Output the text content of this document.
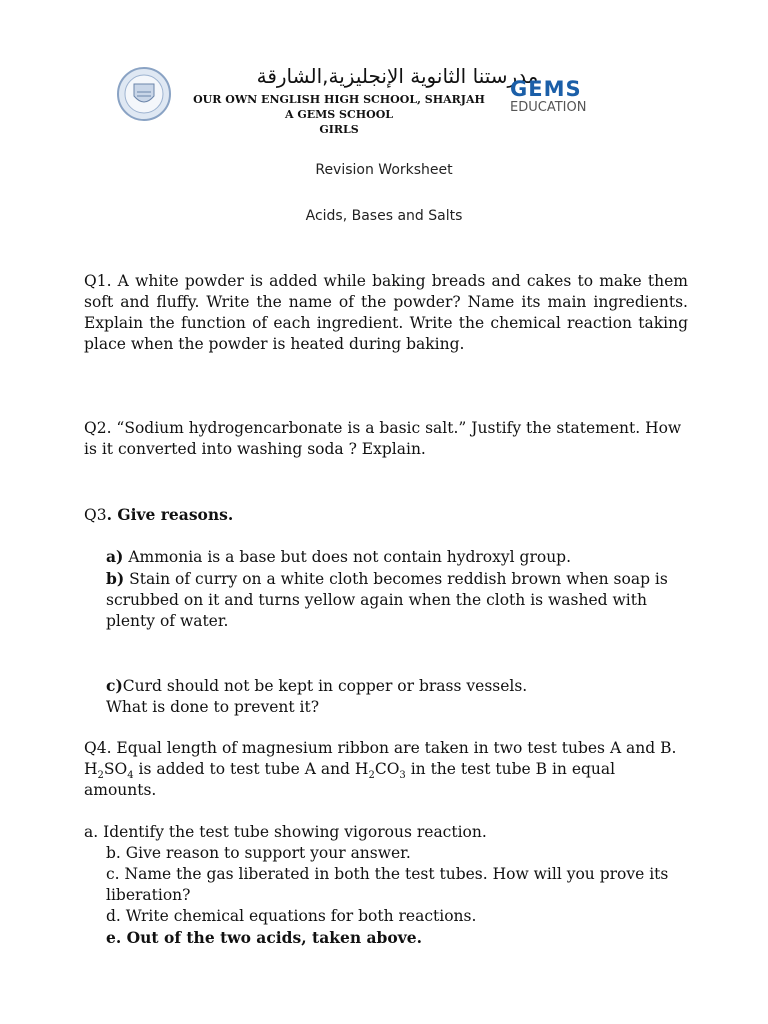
مدرستنا الثانوية الإنجليزية,الشارقة
OUR OWN ENGLISH HIGH SCHOOL, SHARJAH
A GEMS SCHOOL
GIRLS
GEMS
EDUCATION
Revision Worksheet
Acids, Bases and Salts
Q1. A white powder is added while baking breads and cakes to make them soft and fluffy. Write the name of the powder? Name its main ingredients. Explain the function of each ingredient. Write the chemical reaction taking place when the powder is heated during baking.
Q2. “Sodium hydrogencarbonate is a basic salt.” Justify the statement. How is it converted into washing soda ? Explain.
Q3. Give reasons.
a) Ammonia is a base but does not contain hydroxyl group.
b) Stain of curry on a white cloth becomes reddish brown when soap is scrubbed on it and turns yellow again when the cloth is washed with plenty of water.
c)Curd should not be kept in copper or brass vessels.
What is done to prevent it?
Q4. Equal length of magnesium ribbon are taken in two test tubes A and B. $H_2SO_4$ is added to test tube A and $H_2CO_3$ in the test tube B in equal amounts.
a. Identify the test tube showing vigorous reaction.
b. Give reason to support your answer.
c. Name the gas liberated in both the test tubes. How will you prove its liberation?
d. Write chemical equations for both reactions.
e. Out of the two acids, taken above.
